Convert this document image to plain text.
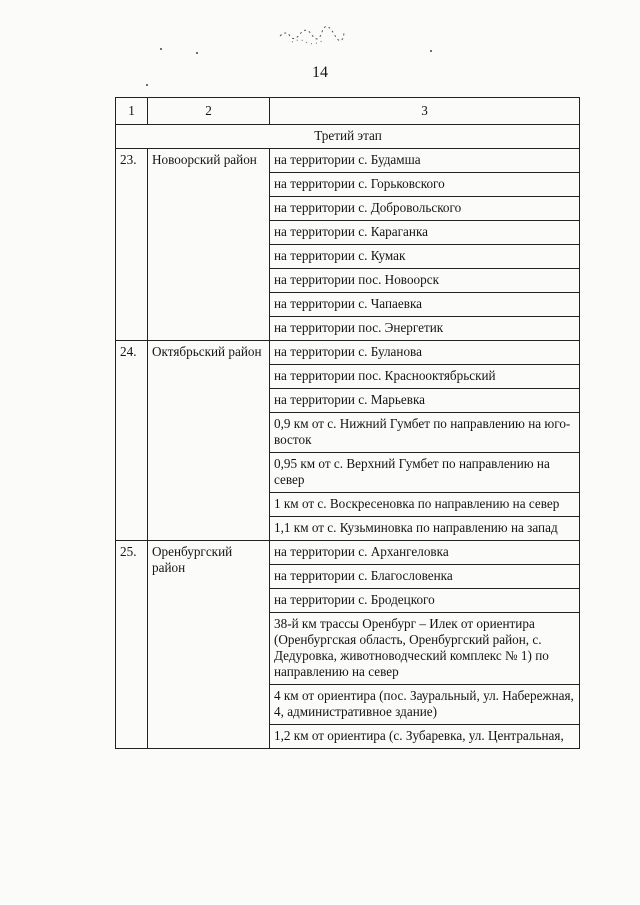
14
1	2	3
Третий этап		
23.	Новоорский район	на территории с. Будамша
		на территории с. Горьковского
		на территории с. Добровольского
		на территории с. Караганка
		на территории с. Кумак
		на территории пос. Новоорск
		на территории с. Чапаевка
		на территории пос. Энергетик
24.	Октябрьский район	на территории с. Буланова
		на территории пос. Краснооктябрьский
		на территории с. Марьевка
		0,9 км от с. Нижний Гумбет по направлению на юго-восток
		0,95 км от с. Верхний Гумбет по направлению на север
		1 км от с. Воскресеновка по направлению на север
		1,1 км от с. Кузьминовка по направлению на запад
25.	Оренбургский район	на территории с. Архангеловка
		на территории с. Благословенка
		на территории с. Бродецкого
		38-й км трассы Оренбург – Илек от ориентира (Оренбургская область, Оренбургский район, с. Дедуровка, животноводческий комплекс № 1) по направлению на север
		4 км от ориентира (пос. Зауральный, ул. Набережная, 4, административное здание)
		1,2 км от ориентира (с. Зубаревка, ул. Центральная,
